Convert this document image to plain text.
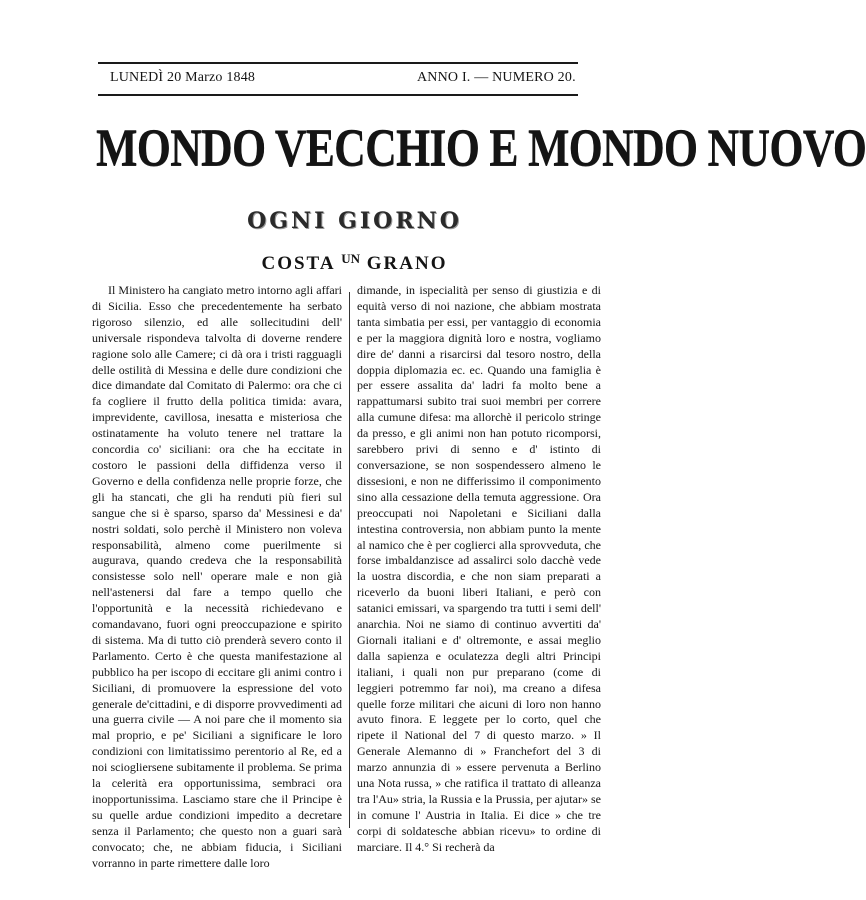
LUNEDÌ 20 Marzo 1848	ANNO I. — NUMERO 20.
MONDO VECCHIO E MONDO NUOVO
OGNI GIORNO
COSTA $^{UN}$ GRANO

Il Ministero ha cangiato metro intorno agli affari di Sicilia. Esso che precedentemente ha serbato rigoroso silenzio, ed alle sollecitudini dell' universale rispondeva talvolta di doverne rendere ragione solo alle Camere; ci dà ora i tristi ragguagli delle ostilità di Messina e delle dure condizioni che dice dimandate dal Comitato di Palermo: ora che ci fa cogliere il frutto della politica timida: avara, imprevidente, cavillosa, inesatta e misteriosa che ostinatamente ha voluto tenere nel trattare la concordia co' siciliani: ora che ha eccitate in costoro le passioni della diffidenza verso il Governo e della confidenza nelle proprie forze, che gli ha stancati, che gli ha renduti più fieri sul sangue che si è sparso, sparso da' Messinesi e da' nostri soldati, solo perchè il Ministero non voleva responsabilità, almeno come puerilmente si augurava, quando credeva che la responsabilità consistesse solo nell' operare male e non già nell'astenersi dal fare a tempo quello che l'opportunità e la necessità richiedevano e comandavano, fuori ogni preoccupazione e spirito di sistema. Ma di tutto ciò prenderà severo conto il Parlamento. Certo è che questa manifestazione al pubblico ha per iscopo di eccitare gli animi contro i Siciliani, di promuovere la espressione del voto generale de'cittadini, e di disporre provvedimenti ad una guerra civile — A noi pare che il momento sia mal proprio, e pe' Siciliani a significare le loro condizioni con limitatissimo perentorio al Re, ed a noi sciogliersene subitamente il problema. Se prima la celerità era opportunissima, sembraci ora inopportunissima. Lasciamo stare che il Principe è su quelle ardue condizioni impedito a decretare senza il Parlamento; che questo non a guari sarà convocato; che, ne abbiam fiducia, i Siciliani vorranno in parte rimettere dalle loro

dimande, in ispecialità per senso di giustizia e di equità verso di noi nazione, che abbiam mostrata tanta simbatia per essi, per vantaggio di economia e per la maggiora dignità loro e nostra, vogliamo dire de' danni a risarcirsi dal tesoro nostro, della doppia diplomazia ec. ec. Quando una famiglia è per essere assalita da' ladri fa molto bene a rappattumarsi subito trai suoi membri per correre alla cumune difesa: ma allorchè il pericolo stringe da presso, e gli animi non han potuto ricomporsi, sarebbero privi di senno e d' istinto di conversazione, se non sospendessero almeno le dissesioni, e non ne differissimo il componimento sino alla cessazione della temuta aggressione. Ora preoccupati noi Napoletani e Siciliani dalla intestina controversia, non abbiam punto la mente al namico che è per coglierci alla sprovveduta, che forse imbaldanzisce ad assalirci solo dacchè vede la uostra discordia, e che non siam preparati a riceverlo da buoni liberi Italiani, e però con satanici emissari, va spargendo tra tutti i semi dell' anarchia. Noi ne siamo di continuo avvertiti da' Giornali italiani e d' oltremonte, e assai meglio dalla sapienza e oculatezza degli altri Principi italiani, i quali non pur preparano (come di leggieri potremmo far noi), ma creano a difesa quelle forze militari che aicuni di loro non hanno avuto finora. E leggete per lo corto, quel che ripete il National del 7 di questo marzo. » Il Generale Alemanno di » Franchefort del 3 di marzo annunzia di » essere pervenuta a Berlino una Nota russa, » che ratifica il trattato di alleanza tra l'Au» stria, la Russia e la Prussia, per ajutar» se in comune l' Austria in Italia. Ei dice » che tre corpi di soldatesche abbian ricevu» to ordine di marciare. Il 4.° Si recherà da
